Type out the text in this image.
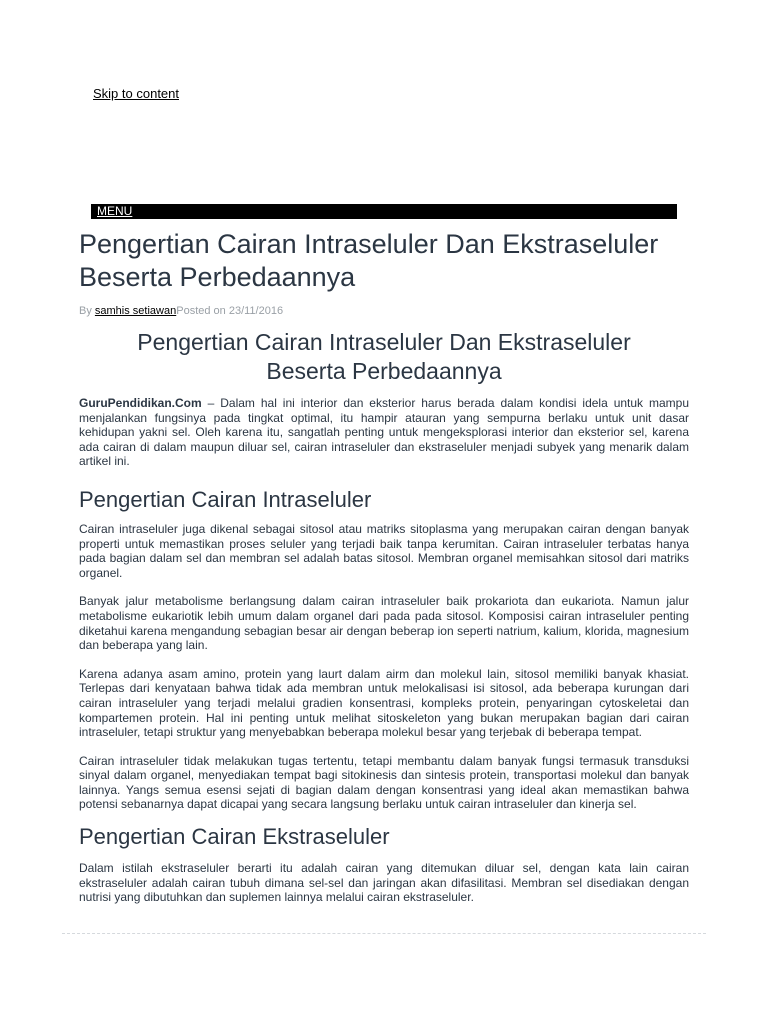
Skip to content
MENU
Pengertian Cairan Intraseluler Dan Ekstraseluler Beserta Perbedaannya
By samhis setiawanPosted on 23/11/2016
Pengertian Cairan Intraseluler Dan Ekstraseluler Beserta Perbedaannya

GuruPendidikan.Com – Dalam hal ini interior dan eksterior harus berada dalam kondisi idela untuk mampu menjalankan fungsinya pada tingkat optimal, itu hampir atauran yang sempurna berlaku untuk unit dasar kehidupan yakni sel. Oleh karena itu, sangatlah penting untuk mengeksplorasi interior dan eksterior sel, karena ada cairan di dalam maupun diluar sel, cairan intraseluler dan ekstraseluler menjadi subyek yang menarik dalam artikel ini.

Pengertian Cairan Intraseluler

Cairan intraseluler juga dikenal sebagai sitosol atau matriks sitoplasma yang merupakan cairan dengan banyak properti untuk memastikan proses seluler yang terjadi baik tanpa kerumitan. Cairan intraseluler terbatas hanya pada bagian dalam sel dan membran sel adalah batas sitosol. Membran organel memisahkan sitosol dari matriks organel.

Banyak jalur metabolisme berlangsung dalam cairan intraseluler baik prokariota dan eukariota. Namun jalur metabolisme eukariotik lebih umum dalam organel dari pada pada sitosol. Komposisi cairan intraseluler penting diketahui karena mengandung sebagian besar air dengan beberap ion seperti natrium, kalium, klorida, magnesium dan beberapa yang lain.

Karena adanya asam amino, protein yang laurt dalam airm dan molekul lain, sitosol memiliki banyak khasiat. Terlepas dari kenyataan bahwa tidak ada membran untuk melokalisasi isi sitosol, ada beberapa kurungan dari cairan intraseluler yang terjadi melalui gradien konsentrasi, kompleks protein, penyaringan cytoskeletai dan kompartemen protein. Hal ini penting untuk melihat sitoskeleton yang bukan merupakan bagian dari cairan intraseluler, tetapi struktur yang menyebabkan beberapa molekul besar yang terjebak di beberapa tempat.

Cairan intraseluler tidak melakukan tugas tertentu, tetapi membantu dalam banyak fungsi termasuk transduksi sinyal dalam organel, menyediakan tempat bagi sitokinesis dan sintesis protein, transportasi molekul dan banyak lainnya. Yangs semua esensi sejati di bagian dalam dengan konsentrasi yang ideal akan memastikan bahwa potensi sebanarnya dapat dicapai yang secara langsung berlaku untuk cairan intraseluler dan kinerja sel.

Pengertian Cairan Ekstraseluler

Dalam istilah ekstraseluler berarti itu adalah cairan yang ditemukan diluar sel, dengan kata lain cairan ekstraseluler adalah cairan tubuh dimana sel-sel dan jaringan akan difasilitasi. Membran sel disediakan dengan nutrisi yang dibutuhkan dan suplemen lainnya melalui cairan ekstraseluler.
